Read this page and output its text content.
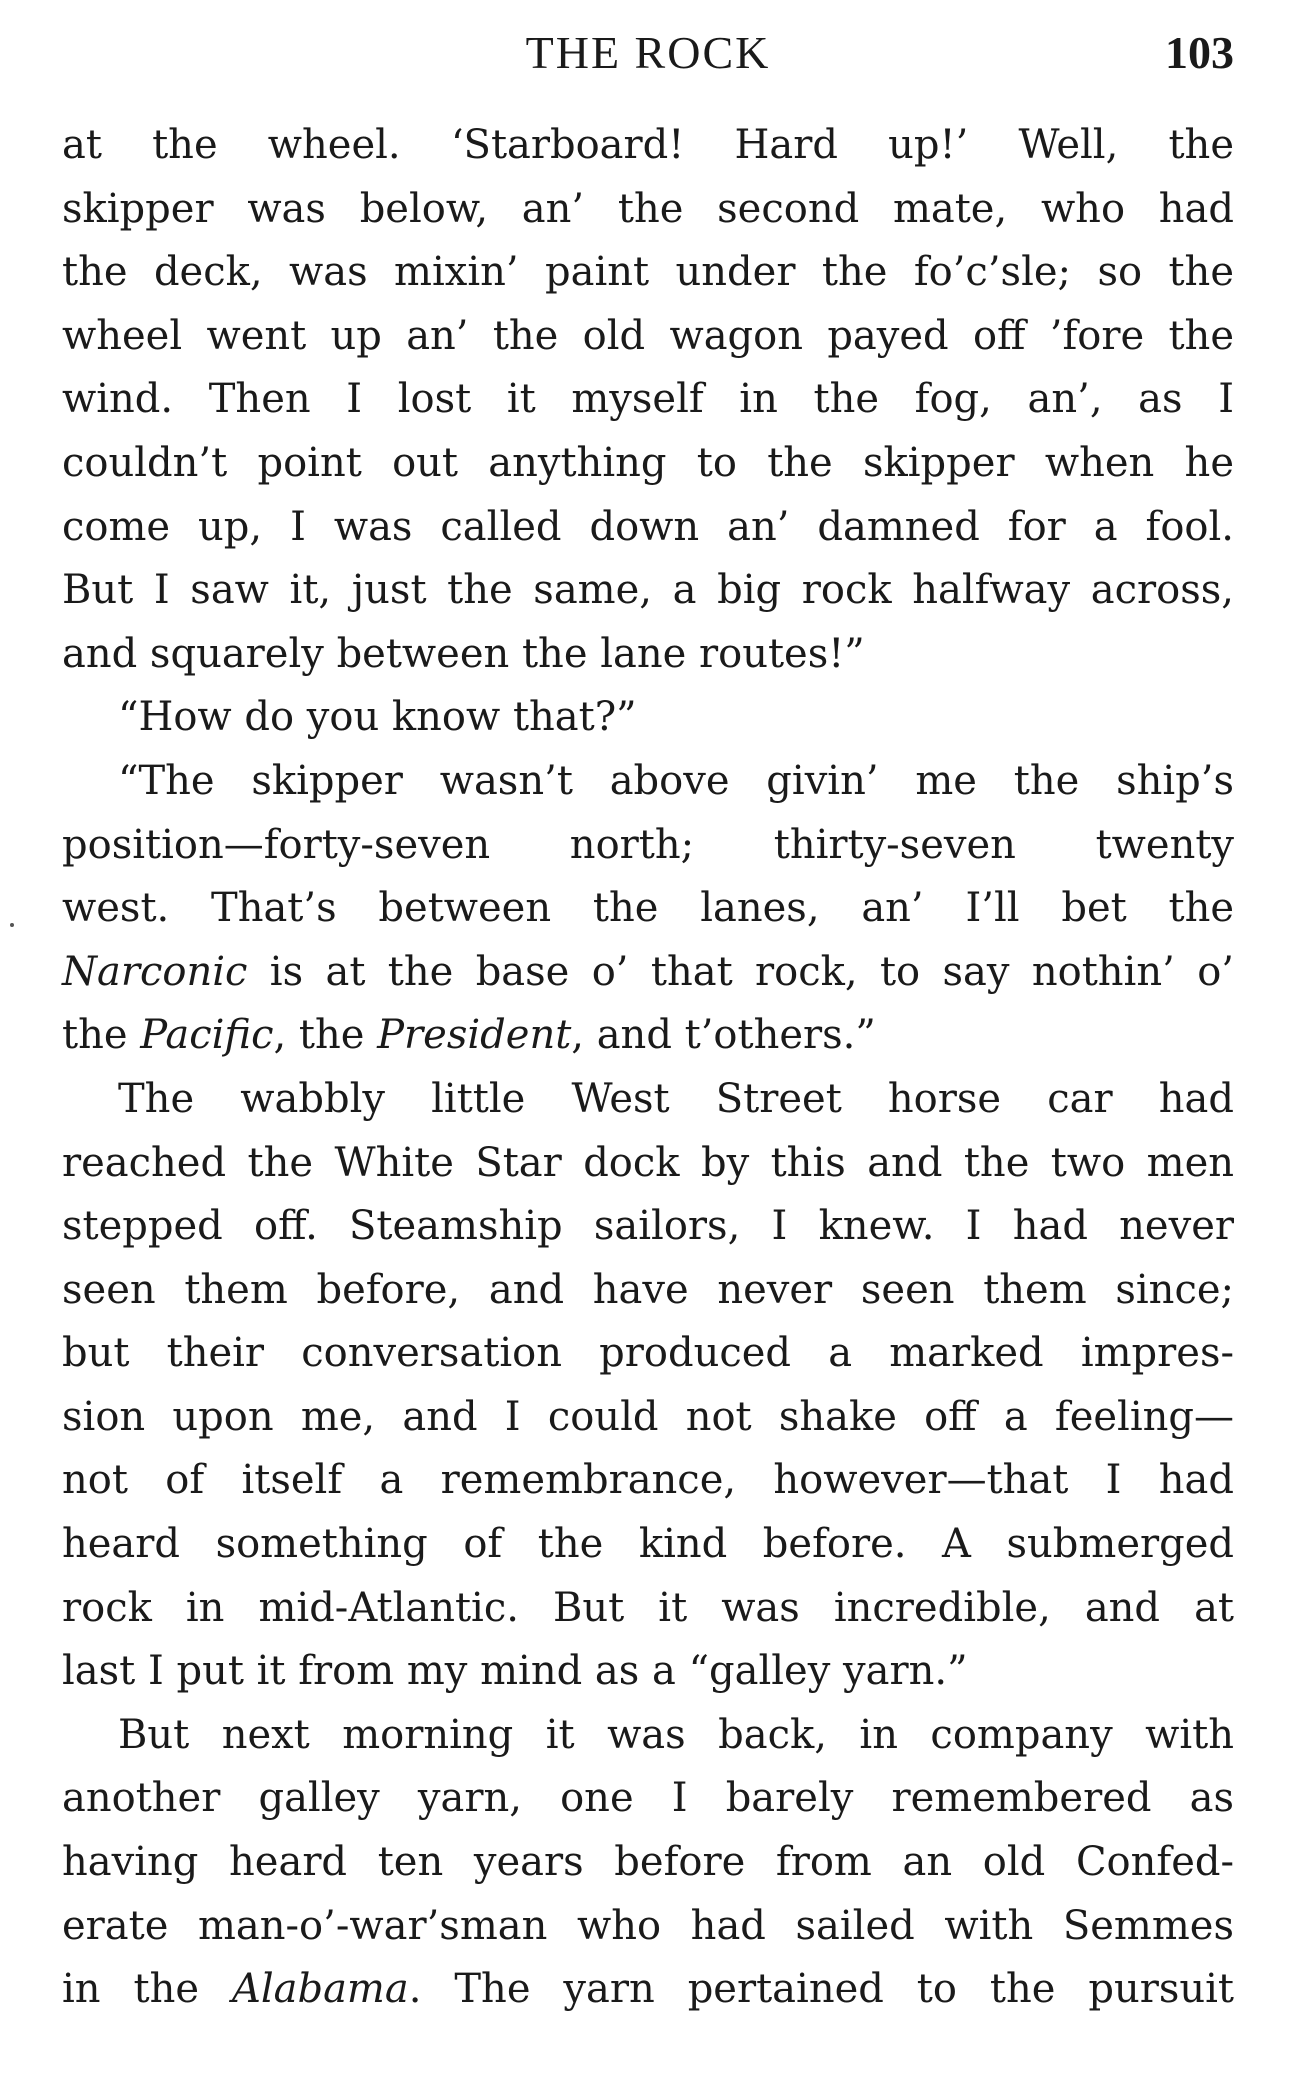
THE ROCK	103
at the wheel. ‘Starboard! Hard up!’ Well, the
skipper was below, an’ the second mate, who had
the deck, was mixin’ paint under the fo’c’sle; so the
wheel went up an’ the old wagon payed off ’fore the
wind. Then I lost it myself in the fog, an’, as I
couldn’t point out anything to the skipper when he
come up, I was called down an’ damned for a fool.
But I saw it, just the same, a big rock halfway across,
and squarely between the lane routes!”
“How do you know that?”
“The skipper wasn’t above givin’ me the ship’s
position—forty-seven north; thirty-seven twenty
west. That’s between the lanes, an’ I’ll bet the
Narconic is at the base o’ that rock, to say nothin’ o’
the Pacific, the President, and t’others.”
The wabbly little West Street horse car had
reached the White Star dock by this and the two men
stepped off. Steamship sailors, I knew. I had never
seen them before, and have never seen them since;
but their conversation produced a marked impres-
sion upon me, and I could not shake off a feeling—
not of itself a remembrance, however—that I had
heard something of the kind before. A submerged
rock in mid-Atlantic. But it was incredible, and at
last I put it from my mind as a “galley yarn.”
But next morning it was back, in company with
another galley yarn, one I barely remembered as
having heard ten years before from an old Confed-
erate man-o’-war’sman who had sailed with Semmes
in the Alabama. The yarn pertained to the pursuit
